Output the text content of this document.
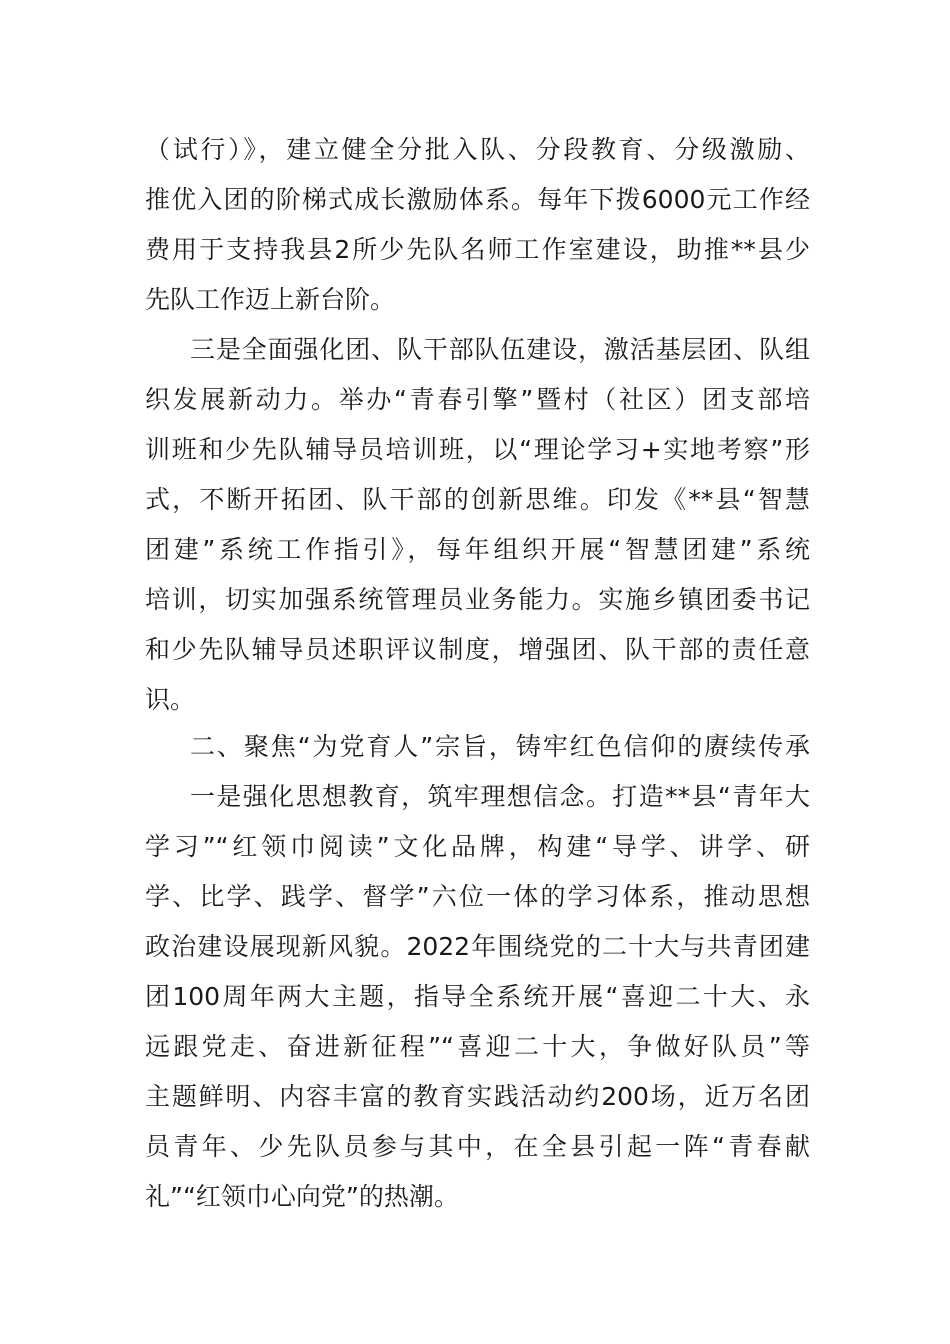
（试行）》，建立健全分批入队、分段教育、分级激励、
推优入团的阶梯式成长激励体系。每年下拨6000元工作经
费用于支持我县2所少先队名师工作室建设，助推**县少
先队工作迈上新台阶。
三是全面强化团、队干部队伍建设，激活基层团、队组
织发展新动力。举办“青春引擎”暨村（社区）团支部培
训班和少先队辅导员培训班，以“理论学习+实地考察”形
式，不断开拓团、队干部的创新思维。印发《**县“智慧
团建”系统工作指引》，每年组织开展“智慧团建”系统
培训，切实加强系统管理员业务能力。实施乡镇团委书记
和少先队辅导员述职评议制度，增强团、队干部的责任意
识。
二、聚焦“为党育人”宗旨，铸牢红色信仰的赓续传承
一是强化思想教育，筑牢理想信念。打造**县“青年大
学习”“红领巾阅读”文化品牌，构建“导学、讲学、研
学、比学、践学、督学”六位一体的学习体系，推动思想
政治建设展现新风貌。2022年围绕党的二十大与共青团建
团100周年两大主题，指导全系统开展“喜迎二十大、永
远跟党走、奋进新征程”“喜迎二十大，争做好队员”等
主题鲜明、内容丰富的教育实践活动约200场，近万名团
员青年、少先队员参与其中，在全县引起一阵“青春献
礼”“红领巾心向党”的热潮。
